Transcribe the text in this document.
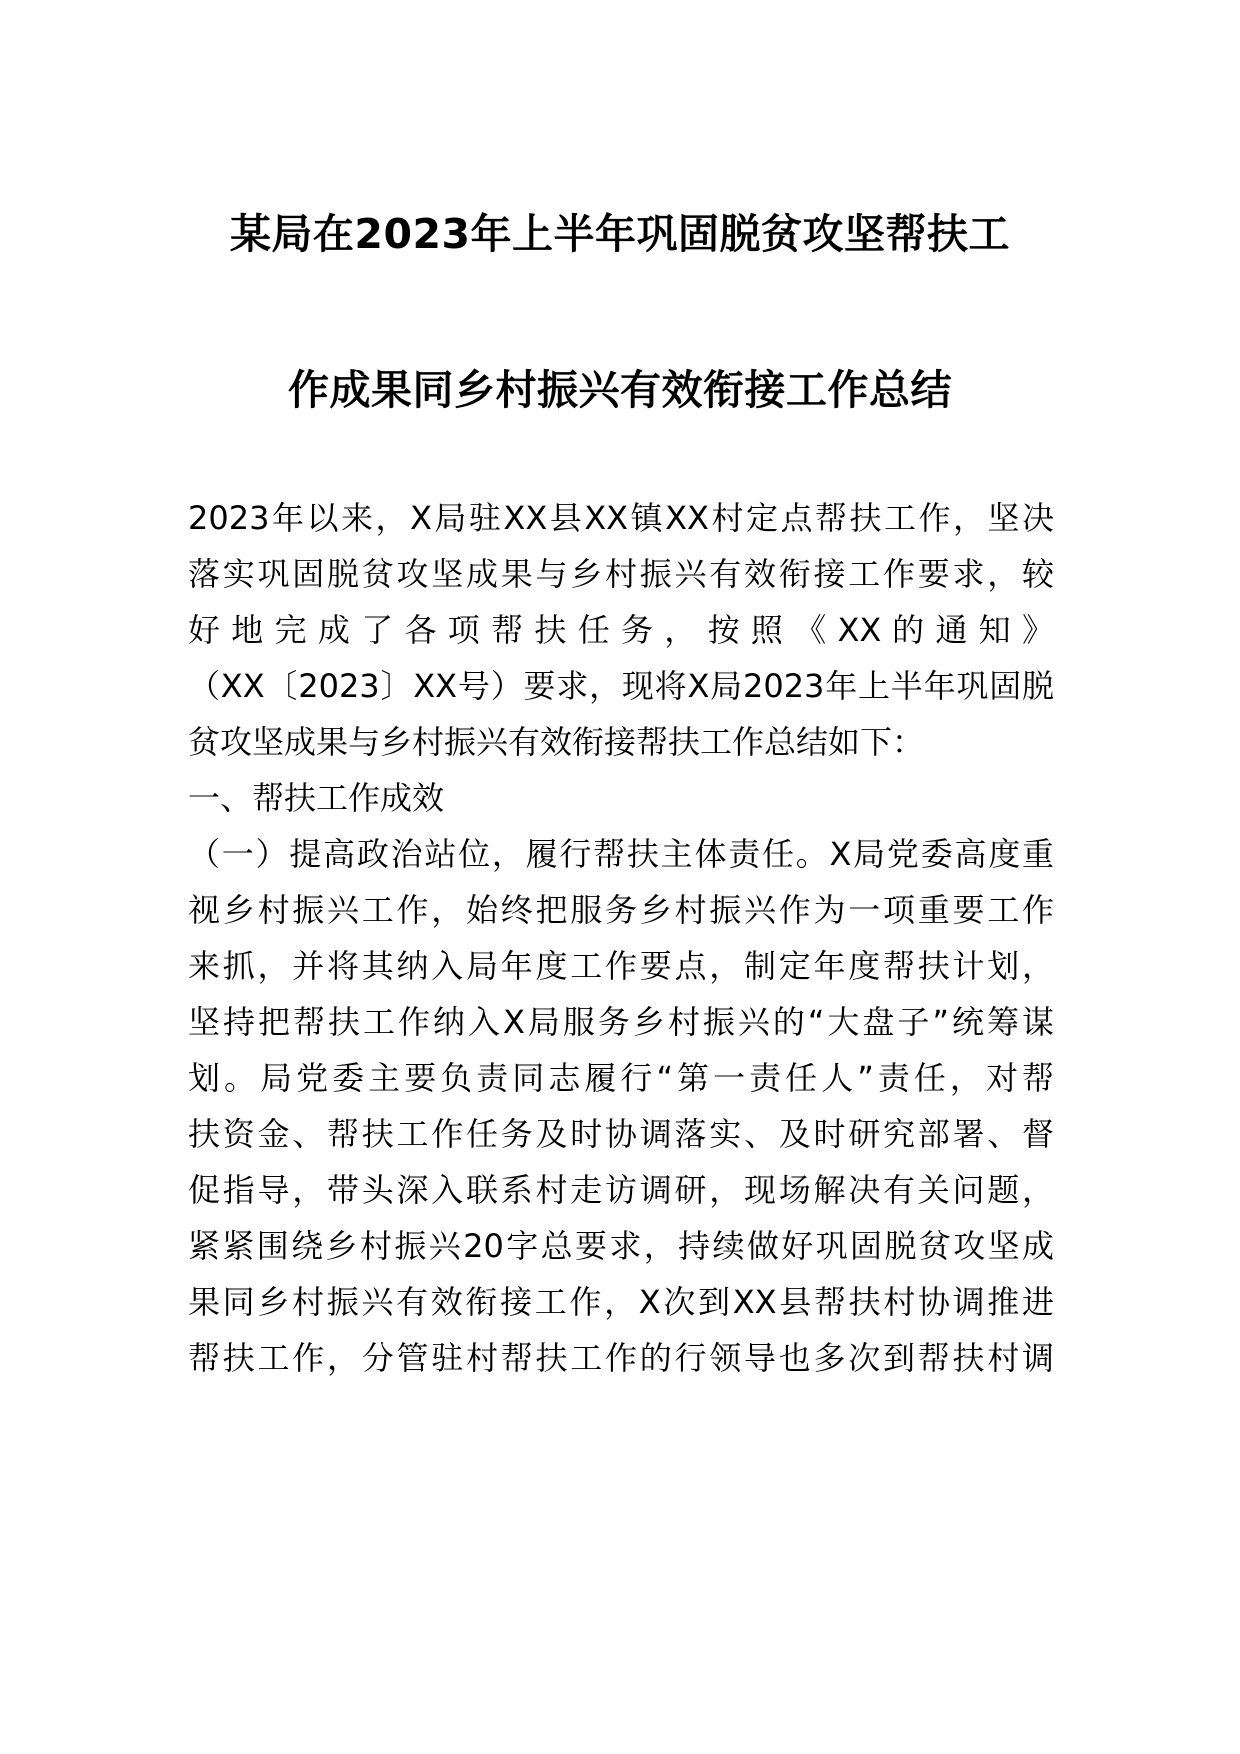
某局在2023年上半年巩固脱贫攻坚帮扶工
作成果同乡村振兴有效衔接工作总结
2023年以来，X局驻XX县XX镇XX村定点帮扶工作，坚决
落实巩固脱贫攻坚成果与乡村振兴有效衔接工作要求，较
好 地 完 成 了 各 项 帮 扶 任 务 ， 按 照 《 XX 的 通 知 》
（XX〔2023〕XX号）要求，现将X局2023年上半年巩固脱
贫攻坚成果与乡村振兴有效衔接帮扶工作总结如下：
一、帮扶工作成效
（一）提高政治站位，履行帮扶主体责任。X局党委高度重
视乡村振兴工作，始终把服务乡村振兴作为一项重要工作
来抓，并将其纳入局年度工作要点，制定年度帮扶计划，
坚持把帮扶工作纳入X局服务乡村振兴的“大盘子”统筹谋
划。局党委主要负责同志履行“第一责任人”责任，对帮
扶资金、帮扶工作任务及时协调落实、及时研究部署、督
促指导，带头深入联系村走访调研，现场解决有关问题，
紧紧围绕乡村振兴20字总要求，持续做好巩固脱贫攻坚成
果同乡村振兴有效衔接工作，X次到XX县帮扶村协调推进
帮扶工作，分管驻村帮扶工作的行领导也多次到帮扶村调
